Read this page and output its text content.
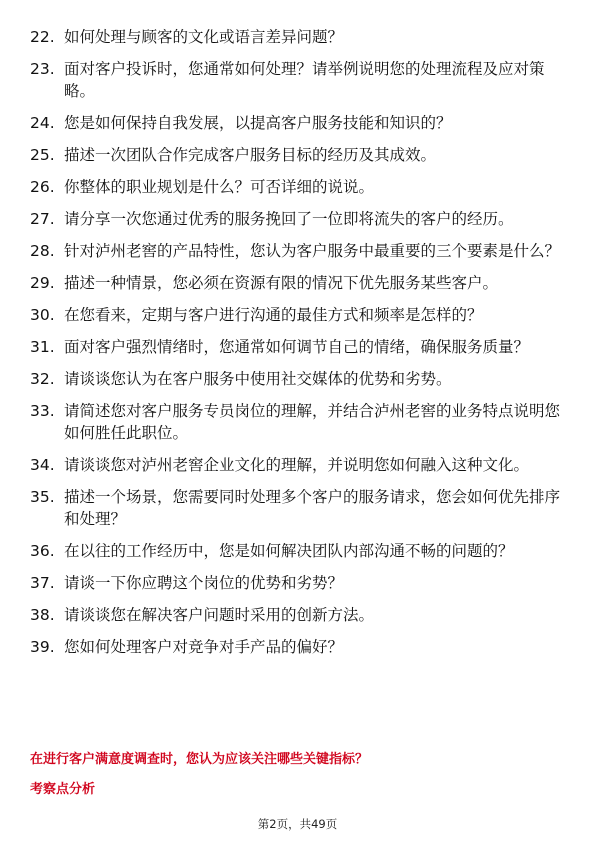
22. 如何处理与顾客的文化或语言差异问题？
23. 面对客户投诉时，您通常如何处理？请举例说明您的处理流程及应对策略。
24. 您是如何保持自我发展，以提高客户服务技能和知识的？
25. 描述一次团队合作完成客户服务目标的经历及其成效。
26. 你整体的职业规划是什么？可否详细的说说。
27. 请分享一次您通过优秀的服务挽回了一位即将流失的客户的经历。
28. 针对泸州老窖的产品特性，您认为客户服务中最重要的三个要素是什么？
29. 描述一种情景，您必须在资源有限的情况下优先服务某些客户。
30. 在您看来，定期与客户进行沟通的最佳方式和频率是怎样的？
31. 面对客户强烈情绪时，您通常如何调节自己的情绪，确保服务质量？
32. 请谈谈您认为在客户服务中使用社交媒体的优势和劣势。
33. 请简述您对客户服务专员岗位的理解，并结合泸州老窖的业务特点说明您如何胜任此职位。
34. 请谈谈您对泸州老窖企业文化的理解，并说明您如何融入这种文化。
35. 描述一个场景，您需要同时处理多个客户的服务请求，您会如何优先排序和处理？
36. 在以往的工作经历中，您是如何解决团队内部沟通不畅的问题的？
37. 请谈一下你应聘这个岗位的优势和劣势？
38. 请谈谈您在解决客户问题时采用的创新方法。
39. 您如何处理客户对竞争对手产品的偏好？
在进行客户满意度调查时，您认为应该关注哪些关键指标？
考察点分析
第2页，共49页
